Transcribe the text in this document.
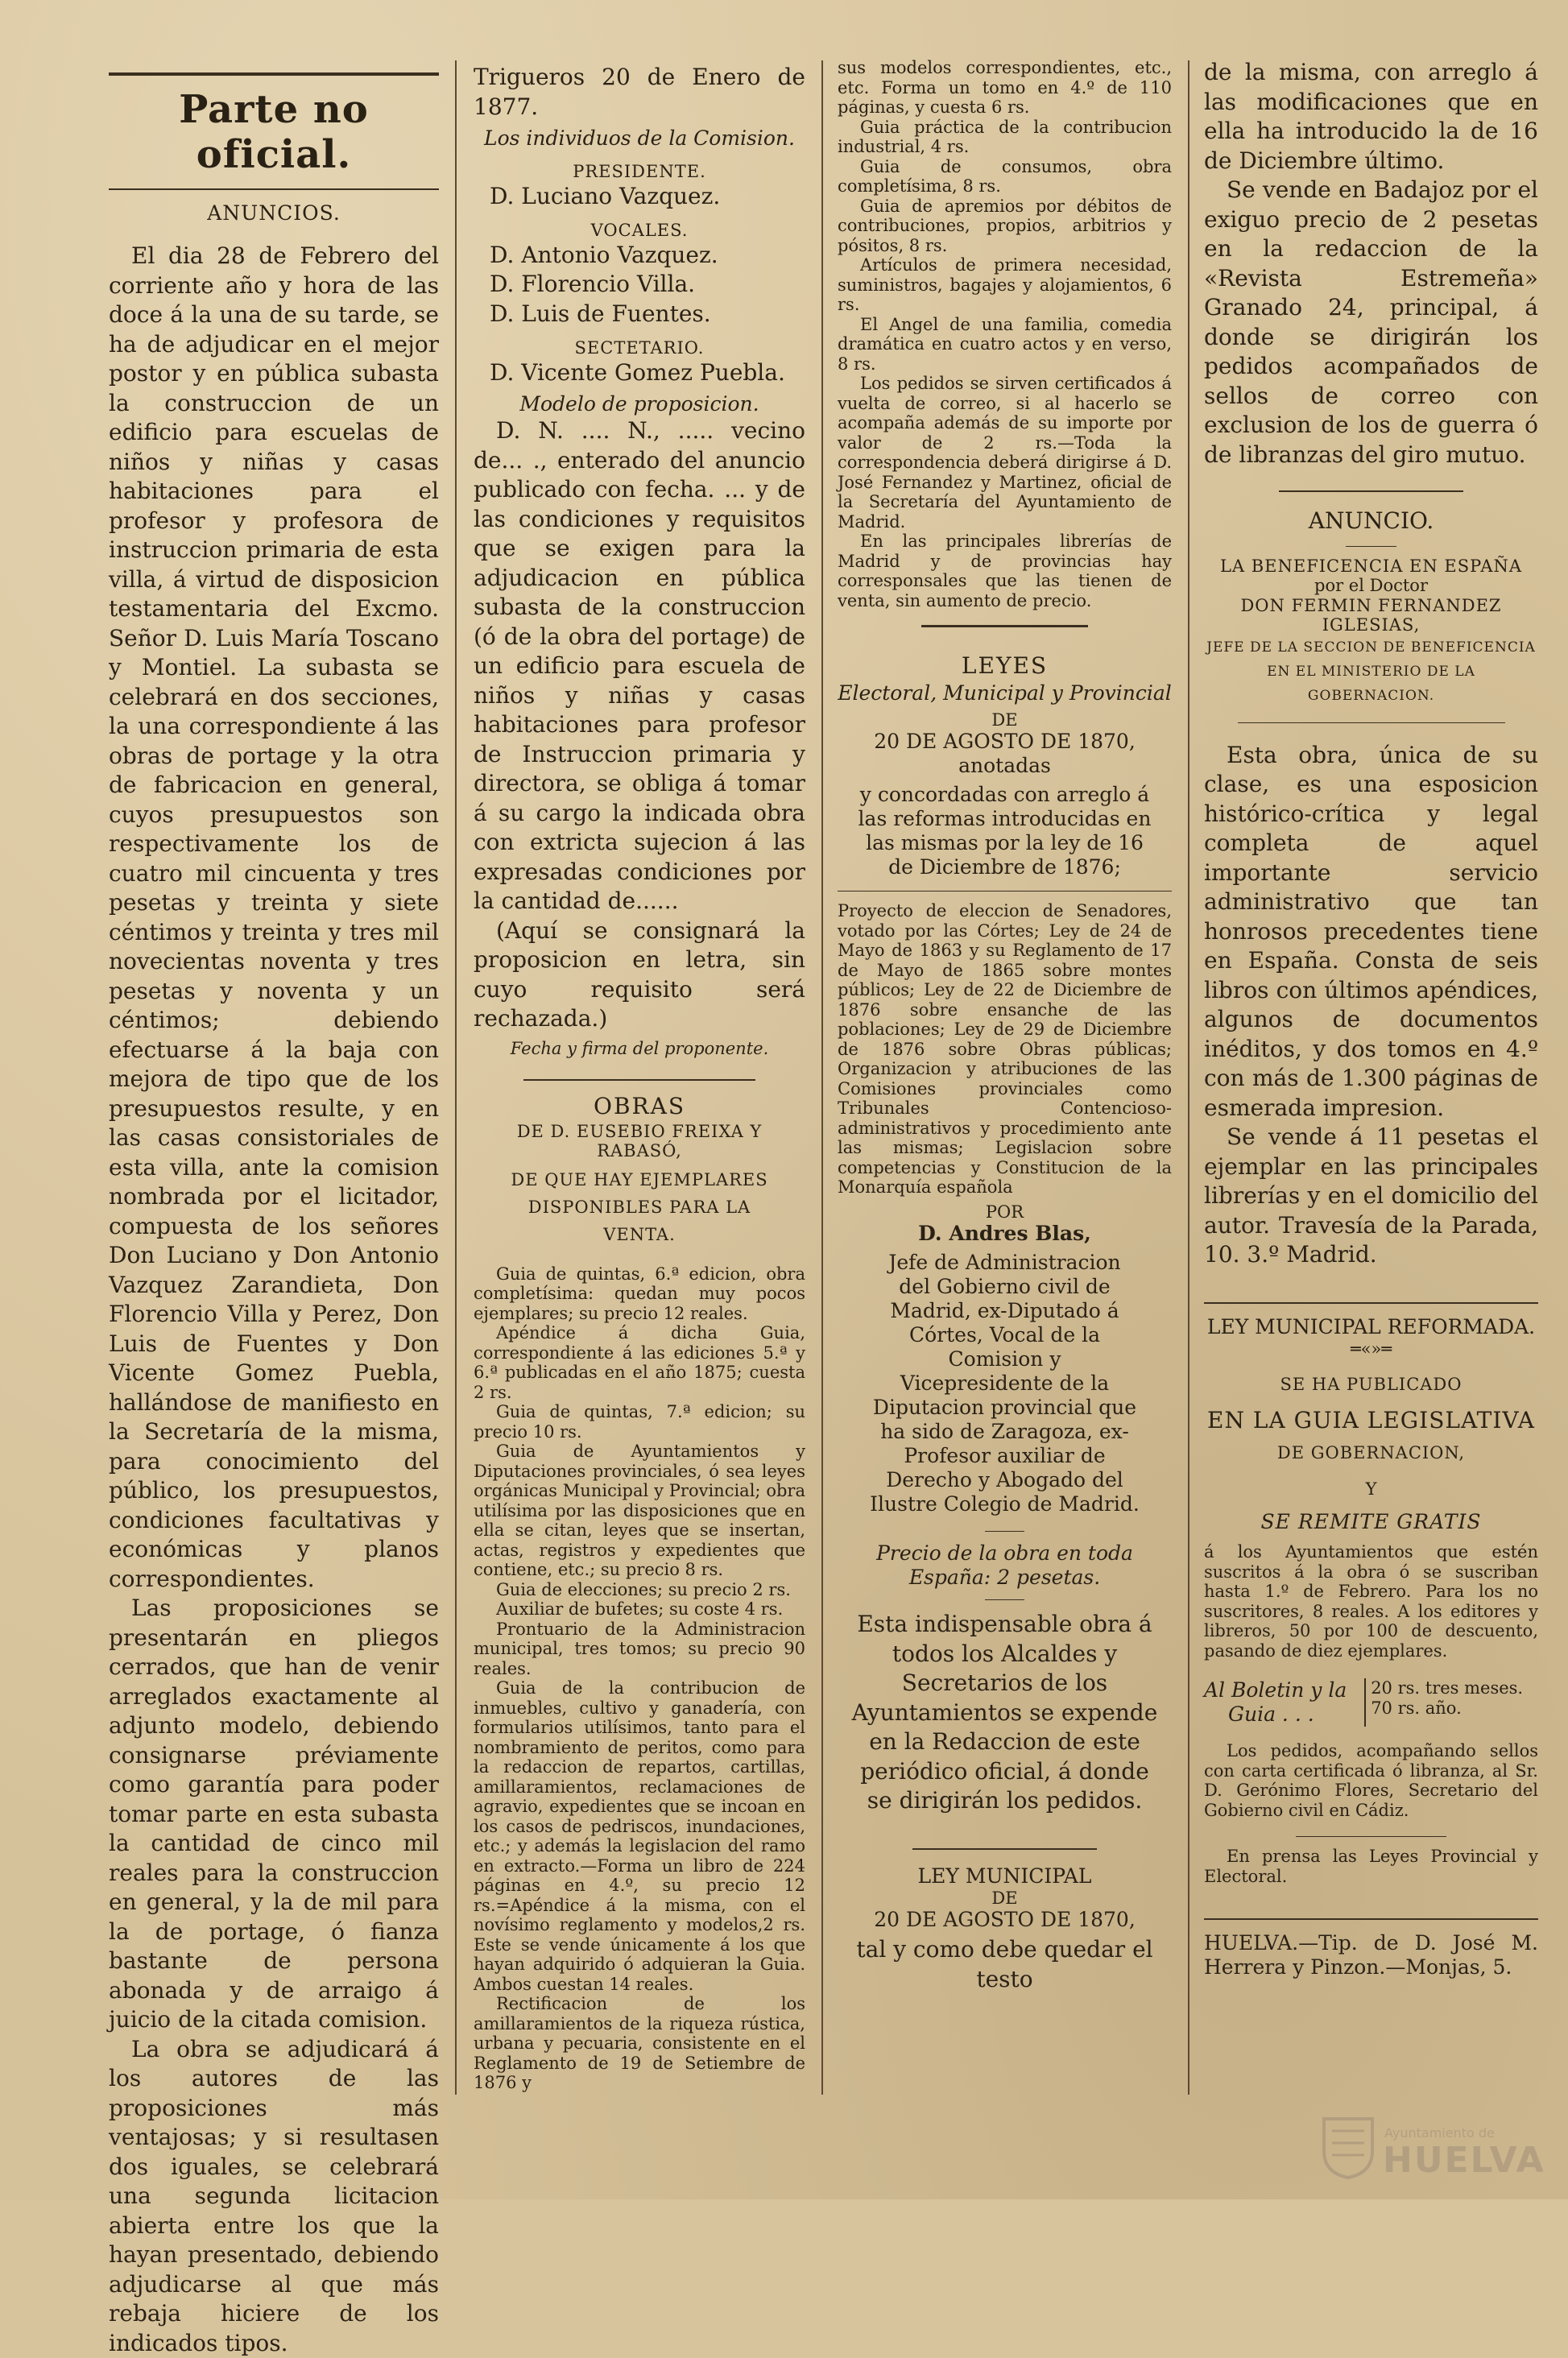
Parte no oficial.

ANUNCIOS.

El dia 28 de Febrero del corriente año y hora de las doce á la una de su tarde, se ha de adjudicar en el mejor postor y en pública subasta la construccion de un edificio para escuelas de niños y niñas y casas habitaciones para el profesor y profesora de instruccion primaria de esta villa, á virtud de disposicion testamentaria del Excmo. Señor D. Luis María Toscano y Montiel. La subasta se celebrará en dos secciones, la una correspondiente á las obras de portage y la otra de fabricacion en general, cuyos presupuestos son respectivamente los de cuatro mil cincuenta y tres pesetas y treinta y siete céntimos y treinta y tres mil novecientas noventa y tres pesetas y noventa y un céntimos; debiendo efectuarse á la baja con mejora de tipo que de los presupuestos resulte, y en las casas consistoriales de esta villa, ante la comision nombrada por el licitador, compuesta de los señores Don Luciano y Don Antonio Vazquez Zarandieta, Don Florencio Villa y Perez, Don Luis de Fuentes y Don Vicente Gomez Puebla, hallándose de manifiesto en la Secretaría de la misma, para conocimiento del público, los presupuestos, condiciones facultativas y económicas y planos correspondientes.

Las proposiciones se presentarán en pliegos cerrados, que han de venir arreglados exactamente al adjunto modelo, debiendo consignarse préviamente como garantía para poder tomar parte en esta subasta la cantidad de cinco mil reales para la construccion en general, y la de mil para la de portage, ó fianza bastante de persona abonada y de arraigo á juicio de la citada comision.

La obra se adjudicará á los autores de las proposiciones más ventajosas; y si resultasen dos iguales, se celebrará una segunda licitacion abierta entre los que la hayan presentado, debiendo adjudicarse al que más rebaja hiciere de los indicados tipos.

Trigueros 20 de Enero de 1877.

Los individuos de la Comision.

PRESIDENTE.

D. Luciano Vazquez.

VOCALES.

D. Antonio Vazquez.

D. Florencio Villa.

D. Luis de Fuentes.

SECTETARIO.

D. Vicente Gomez Puebla.

Modelo de proposicion.

D. N. .... N., ..... vecino de... ., enterado del anuncio publicado con fecha. ... y de las condiciones y requisitos que se exigen para la adjudicacion en pública subasta de la construccion (ó de la obra del portage) de un edificio para escuela de niños y niñas y casas habitaciones para profesor de Instruccion primaria y directora, se obliga á tomar á su cargo la indicada obra con extricta sujecion á las expresadas condiciones por la cantidad de......

(Aquí se consignará la proposicion en letra, sin cuyo requisito será rechazada.)

Fecha y firma del proponente.

OBRAS

DE D. EUSEBIO FREIXA Y RABASÓ,

DE QUE HAY EJEMPLARES DISPONIBLES PARA LA VENTA.

Guia de quintas, 6.ª edicion, obra completísima: quedan muy pocos ejemplares; su precio 12 reales.

Apéndice á dicha Guia, correspondiente á las ediciones 5.ª y 6.ª publicadas en el año 1875; cuesta 2 rs.

Guia de quintas, 7.ª edicion; su precio 10 rs.

Guia de Ayuntamientos y Diputaciones provinciales, ó sea leyes orgánicas Municipal y Provincial; obra utilísima por las disposiciones que en ella se citan, leyes que se insertan, actas, registros y expedientes que contiene, etc.; su precio 8 rs.

Guia de elecciones; su precio 2 rs.

Auxiliar de bufetes; su coste 4 rs.

Prontuario de la Administracion municipal, tres tomos; su precio 90 reales.

Guia de la contribucion de inmuebles, cultivo y ganadería, con formularios utilísimos, tanto para el nombramiento de peritos, como para la redaccion de repartos, cartillas, amillaramientos, reclamaciones de agravio, expedientes que se incoan en los casos de pedriscos, inundaciones, etc.; y además la legislacion del ramo en extracto.—Forma un libro de 224 páginas en 4.º, su precio 12 rs.=Apéndice á la misma, con el novísimo reglamento y modelos,2 rs. Este se vende únicamente á los que hayan adquirido ó adquieran la Guia. Ambos cuestan 14 reales.

Rectificacion de los amillaramientos de la riqueza rústica, urbana y pecuaria, consistente en el Reglamento de 19 de Setiembre de 1876 y

sus modelos correspondientes, etc., etc. Forma un tomo en 4.º de 110 páginas, y cuesta 6 rs.

Guia práctica de la contribucion industrial, 4 rs.

Guia de consumos, obra completísima, 8 rs.

Guia de apremios por débitos de contribuciones, propios, arbitrios y pósitos, 8 rs.

Artículos de primera necesidad, suministros, bagajes y alojamientos, 6 rs.

El Angel de una familia, comedia dramática en cuatro actos y en verso, 8 rs.

Los pedidos se sirven certificados á vuelta de correo, si al hacerlo se acompaña además de su importe por valor de 2 rs.—Toda la correspondencia deberá dirigirse á D. José Fernandez y Martinez, oficial de la Secretaría del Ayuntamiento de Madrid.

En las principales librerías de Madrid y de provincias hay corresponsales que las tienen de venta, sin aumento de precio.

LEYES

Electoral, Municipal y Provincial

DE

20 DE AGOSTO DE 1870,

anotadas

y concordadas con arreglo á las reformas introducidas en las mismas por la ley de 16 de Diciembre de 1876;

Proyecto de eleccion de Senadores, votado por las Córtes; Ley de 24 de Mayo de 1863 y su Reglamento de 17 de Mayo de 1865 sobre montes públicos; Ley de 22 de Diciembre de 1876 sobre ensanche de las poblaciones; Ley de 29 de Diciembre de 1876 sobre Obras públicas; Organizacion y atribuciones de las Comisiones provinciales como Tribunales Contencioso-administrativos y procedimiento ante las mismas; Legislacion sobre competencias y Constitucion de la Monarquía española

POR

D. Andres Blas,

Jefe de Administracion del Gobierno civil de Madrid, ex-Diputado á Córtes, Vocal de la Comision y Vicepresidente de la Diputacion provincial que ha sido de Zaragoza, ex-Profesor auxiliar de Derecho y Abogado del Ilustre Colegio de Madrid.

Precio de la obra en toda España: 2 pesetas.

Esta indispensable obra á todos los Alcaldes y Secretarios de los Ayuntamientos se expende en la Redaccion de este periódico oficial, á donde se dirigirán los pedidos.

LEY MUNICIPAL

DE

20 DE AGOSTO DE 1870,

tal y como debe quedar el testo

de la misma, con arreglo á las modificaciones que en ella ha introducido la de 16 de Diciembre último.

Se vende en Badajoz por el exiguo precio de 2 pesetas en la redaccion de la «Revista Estremeña» Granado 24, principal, á donde se dirigirán los pedidos acompañados de sellos de correo con exclusion de los de guerra ó de libranzas del giro mutuo.

ANUNCIO.

LA BENEFICENCIA EN ESPAÑA

por el Doctor

DON FERMIN FERNANDEZ IGLESIAS,

JEFE DE LA SECCION DE BENEFICENCIA EN EL MINISTERIO DE LA GOBERNACION.

Esta obra, única de su clase, es una esposicion histórico-crítica y legal completa de aquel importante servicio administrativo que tan honrosos precedentes tiene en España. Consta de seis libros con últimos apéndices, algunos de documentos inéditos, y dos tomos en 4.º con más de 1.300 páginas de esmerada impresion.

Se vende á 11 pesetas el ejemplar en las principales librerías y en el domicilio del autor. Travesía de la Parada, 10. 3.º Madrid.

LEY MUNICIPAL REFORMADA.

═«»═

SE HA PUBLICADO

EN LA GUIA LEGISLATIVA

DE GOBERNACION,

Y

SE REMITE GRATIS

á los Ayuntamientos que estén suscritos á la obra ó se suscriban hasta 1.º de Febrero. Para los no suscritores, 8 reales. A los editores y libreros, 50 por 100 de descuento, pasando de diez ejemplares.

Al Boletin y la

Guia . . .

20 rs. tres meses.

70 rs. año.

Los pedidos, acompañando sellos con carta certificada ó libranza, al Sr. D. Gerónimo Flores, Secretario del Gobierno civil en Cádiz.

En prensa las Leyes Provincial y Electoral.

HUELVA.—Tip. de D. José M. Herrera y Pinzon.—Monjas, 5.

Ayuntamiento de
HUELVA
